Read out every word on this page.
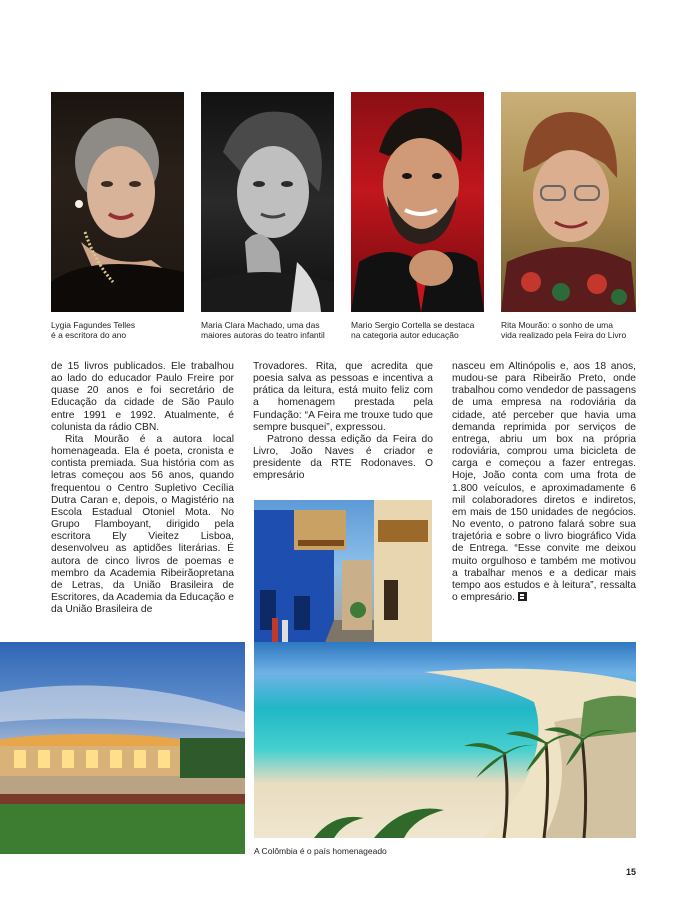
Lygia Fagundes Telles
é a escritora do ano
Maria Clara Machado, uma das
maiores autoras do teatro infantil
Mario Sergio Cortella se destaca
na categoria autor educação
Rita Mourão: o sonho de uma
vida realizado pela Feira do Livro

de 15 livros publicados. Ele trabalhou ao lado do educador Paulo Freire por quase 20 anos e foi secretário de Educação da cidade de São Paulo entre 1991 e 1992. Atualmente, é colunista da rádio CBN.

Rita Mourão é a autora local homenageada. Ela é poeta, cronista e contista premiada. Sua história com as letras começou aos 56 anos, quando frequentou o Centro Supletivo Cecília Dutra Caran e, depois, o Magistério na Escola Estadual Otoniel Mota. No Grupo Flamboyant, dirigido pela escritora Ely Vieitez Lisboa, desenvolveu as aptidões literárias. É autora de cinco livros de poemas e membro da Academia Ribeirãopretana de Letras, da União Brasileira de Escritores, da Academia da Educação e da União Brasileira de

Trovadores. Rita, que acredita que poesia salva as pessoas e incentiva a prática da leitura, está muito feliz com a homenagem prestada pela Fundação: “A Feira me trouxe tudo que sempre busquei”, expressou.

Patrono dessa edição da Feira do Livro, João Naves é criador e presidente da RTE Rodonaves. O empresário

nasceu em Altinópolis e, aos 18 anos, mudou-se para Ribeirão Preto, onde trabalhou como vendedor de passagens de uma empresa na rodoviária da cidade, até perceber que havia uma demanda reprimida por serviços de entrega, abriu um box na própria rodoviária, comprou uma bicicleta de carga e começou a fazer entregas. Hoje, João conta com uma frota de 1.800 veículos, e aproximadamente 6 mil colaboradores diretos e indiretos, em mais de 150 unidades de negócios. No evento, o patrono falará sobre sua trajetória e sobre o livro biográfico Vida de Entrega. “Esse convite me deixou muito orgulhoso e também me motivou a trabalhar menos e a dedicar mais tempo aos estudos e à leitura”, ressalta o empresário.

A Colômbia é o país homenageado
15
